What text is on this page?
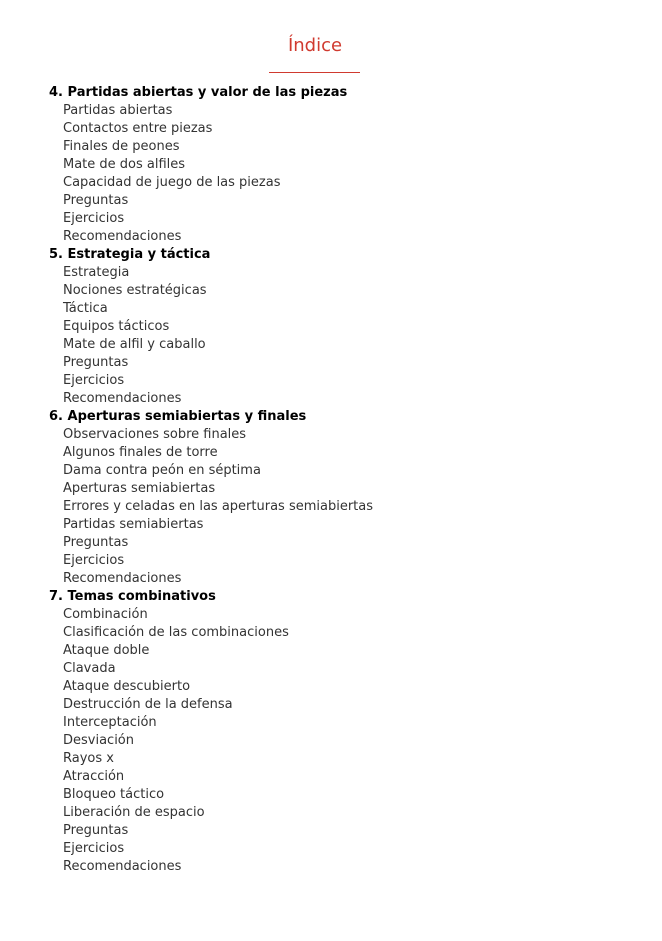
Índice
4. Partidas abiertas y valor de las piezas
Partidas abiertas
Contactos entre piezas
Finales de peones
Mate de dos alfiles
Capacidad de juego de las piezas
Preguntas
Ejercicios
Recomendaciones
5. Estrategia y táctica
Estrategia
Nociones estratégicas
Táctica
Equipos tácticos
Mate de alfil y caballo
Preguntas
Ejercicios
Recomendaciones
6. Aperturas semiabiertas y finales
Observaciones sobre finales
Algunos finales de torre
Dama contra peón en séptima
Aperturas semiabiertas
Errores y celadas en las aperturas semiabiertas
Partidas semiabiertas
Preguntas
Ejercicios
Recomendaciones
7. Temas combinativos
Combinación
Clasificación de las combinaciones
Ataque doble
Clavada
Ataque descubierto
Destrucción de la defensa
Interceptación
Desviación
Rayos x
Atracción
Bloqueo táctico
Liberación de espacio
Preguntas
Ejercicios
Recomendaciones
